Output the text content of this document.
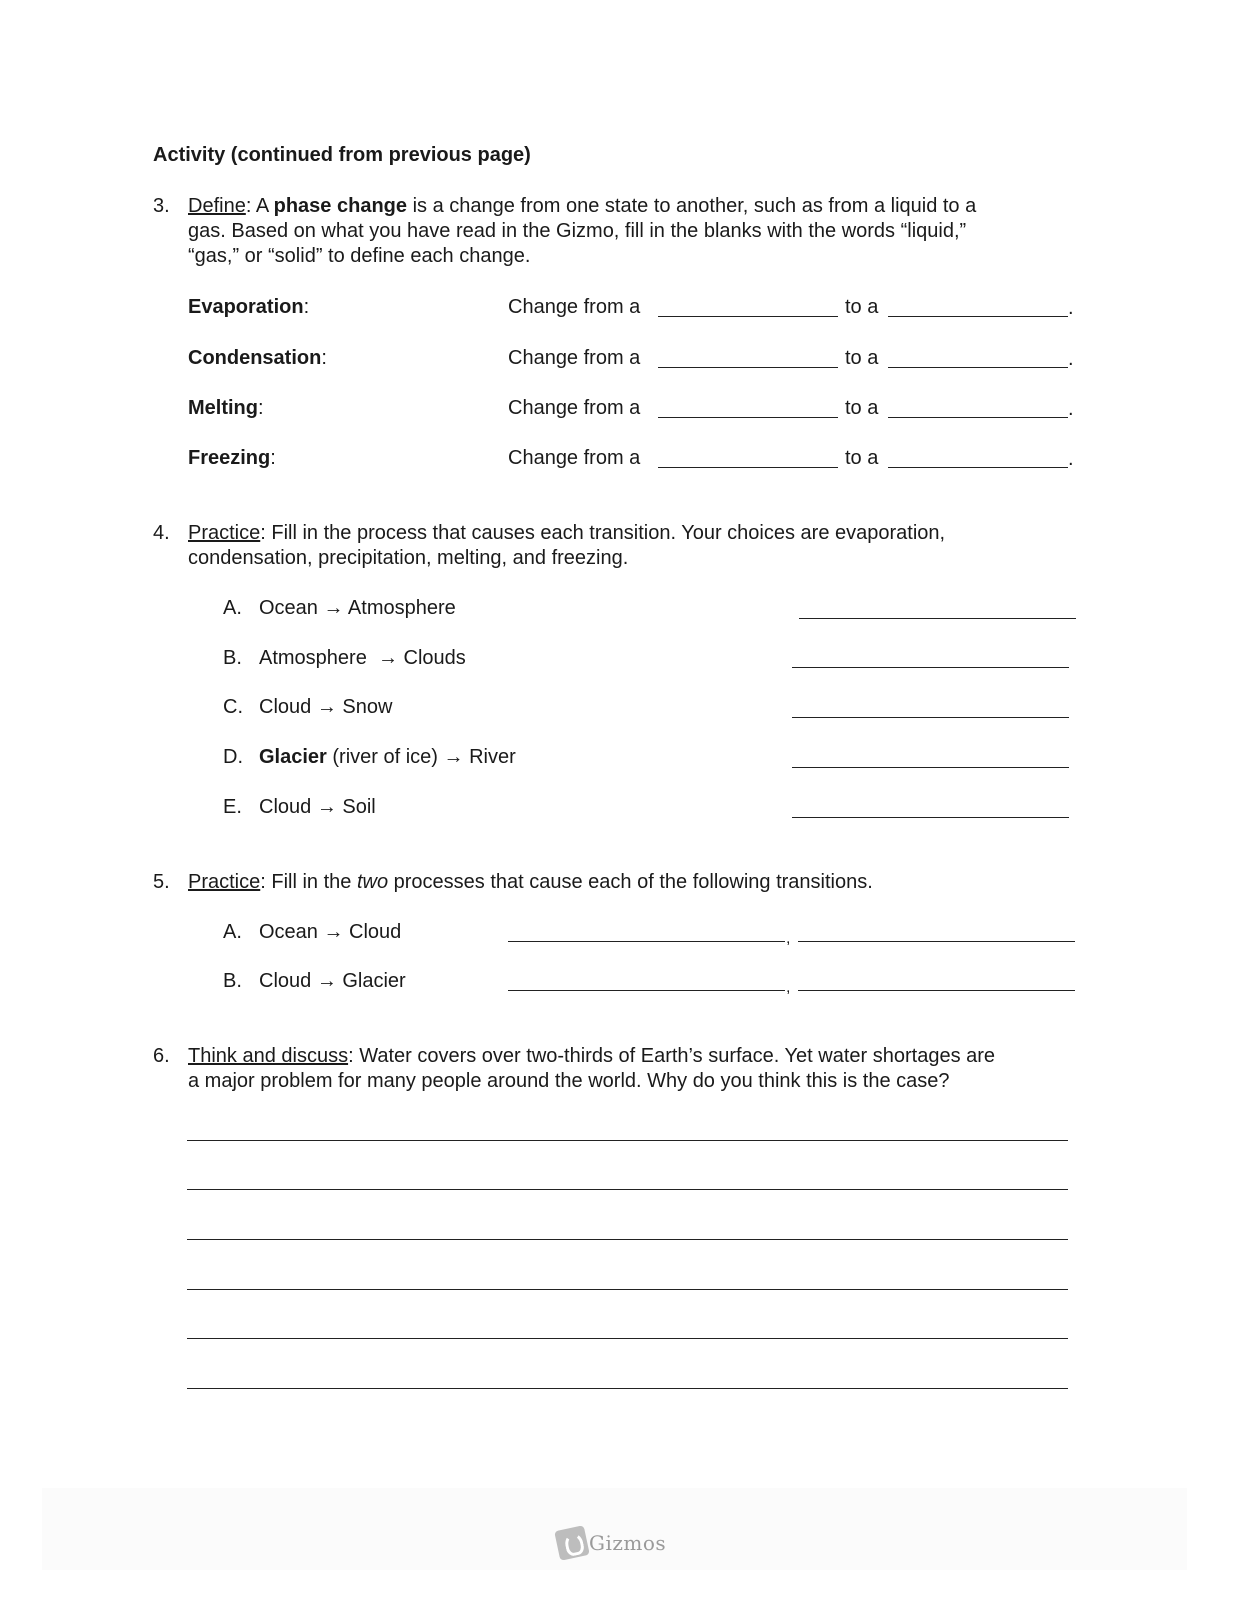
Activity (continued from previous page)
3. Define: A phase change is a change from one state to another, such as from a liquid to a
gas. Based on what you have read in the Gizmo, fill in the blanks with the words “liquid,”
“gas,” or “solid” to define each change.
Evaporation:	Change from a	to a	.
Condensation:	Change from a	to a	.
Melting:	Change from a	to a	.
Freezing:	Change from a	to a	.
4. Practice: Fill in the process that causes each transition. Your choices are evaporation,
condensation, precipitation, melting, and freezing.
A. Ocean → Atmosphere
B. Atmosphere  → Clouds
C. Cloud → Snow
D. Glacier (river of ice) → River
E. Cloud → Soil
5. Practice: Fill in the two processes that cause each of the following transitions.
A. Ocean → Cloud	,
B. Cloud → Glacier	,
6. Think and discuss: Water covers over two-thirds of Earth’s surface. Yet water shortages are
a major problem for many people around the world. Why do you think this is the case?
Gizmos
